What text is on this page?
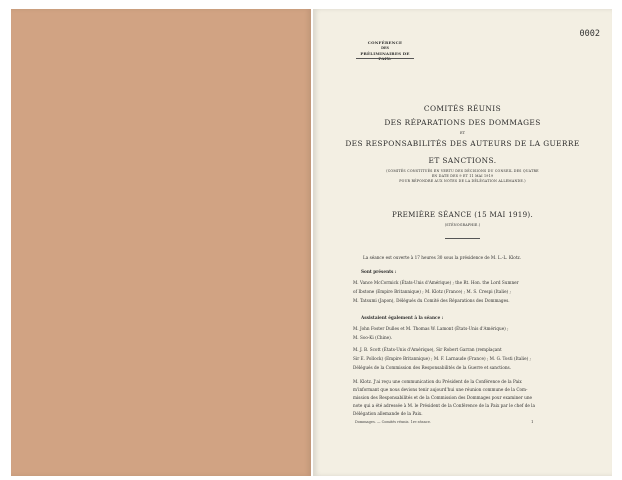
0002
CONFÉRENCE
DES
PRÉLIMINAIRES DE PAIX.
COMITÉS RÉUNIS
DES RÉPARATIONS DES DOMMAGES
ET
DES RESPONSABILITÉS DES AUTEURS DE LA GUERRE
ET SANCTIONS.
(COMITÉS CONSTITUÉS EN VERTU DES DÉCISIONS DU CONSEIL DES QUATRE
EN DATE DES 9 ET 11 MAI 1919
POUR RÉPONDRE AUX NOTES DE LA DÉLÉGATION ALLEMANDE.)
PREMIÈRE SÉANCE (15 MAI 1919).
(STÉNOGRAPHIE.)
La séance est ouverte à 17 heures 30 sous la présidence de M. L.-L. Klotz.
Sont présents :
M. Vance McCormick (États-Unis d'Amérique) ; the Rt. Hon. the Lord Sumner
of Ibstone (Empire Britannique) ; M. Klotz (France) ; M. S. Crespi (Italie) ;
M. Tatsumi (Japon), Délégués du Comité des Réparations des Dommages.
Assistaient également à la séance :
M. John Foster Dulles et M. Thomas W. Lamont (États-Unis d'Amérique) ;
M. Soo-Ki (Chine).
M. J. B. Scott (États-Unis d'Amérique), Sir Robert Garran (remplaçant
Sir E. Pollock) (Empire Britannique) ; M. F. Larnaude (France) ; M. G. Tosti (Italie) ;
Délégués de la Commission des Responsabilités de la Guerre et sanctions.
M. Klotz. J'ai reçu une communication du Président de la Conférence de la Paix
m'informant que nous devions tenir aujourd'hui une réunion commune de la Com-
mission des Responsabilités et de la Commission des Dommages pour examiner une
note qui a été adressée à M. le Président de la Conférence de la Paix par le chef de la
Délégation allemande de la Paix.
Dommages. — Comités réunis. 1re séance.	1
